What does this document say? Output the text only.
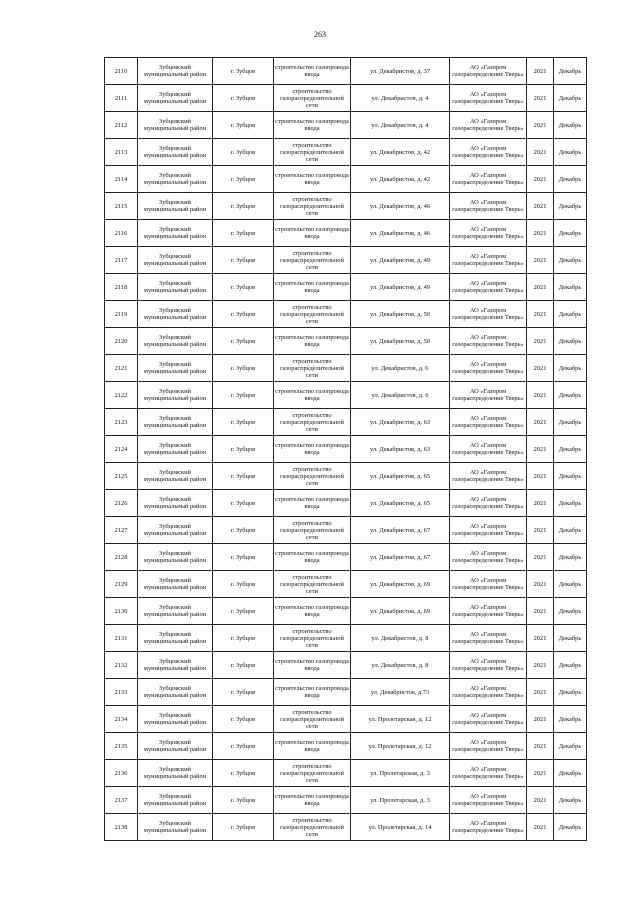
263
2110	Зубцовский муниципальный район	г. Зубцов	строительство газопровода ввода	ул. Декабристов, д. 37	АО «Газпром газораспределение Тверь»	2021	Декабрь
2111	Зубцовский муниципальный район	г. Зубцов	строительство газораспределительной сети	ул. Декабристов, д. 4	АО «Газпром газораспределение Тверь»	2021	Декабрь
2112	Зубцовский муниципальный район	г. Зубцов	строительство газопровода ввода	ул. Декабристов, д. 4	АО «Газпром газораспределение Тверь»	2021	Декабрь
2113	Зубцовский муниципальный район	г. Зубцов	строительство газораспределительной сети	ул. Декабристов, д. 42	АО «Газпром газораспределение Тверь»	2021	Декабрь
2114	Зубцовский муниципальный район	г. Зубцов	строительство газопровода ввода	ул. Декабристов, д. 42	АО «Газпром газораспределение Тверь»	2021	Декабрь
2115	Зубцовский муниципальный район	г. Зубцов	строительство газораспределительной сети	ул. Декабристов, д. 46	АО «Газпром газораспределение Тверь»	2021	Декабрь
2116	Зубцовский муниципальный район	г. Зубцов	строительство газопровода ввода	ул. Декабристов, д. 46	АО «Газпром газораспределение Тверь»	2021	Декабрь
2117	Зубцовский муниципальный район	г. Зубцов	строительство газораспределительной сети	ул. Декабристов, д. 49	АО «Газпром газораспределение Тверь»	2021	Декабрь
2118	Зубцовский муниципальный район	г. Зубцов	строительство газопровода ввода	ул. Декабристов, д. 49	АО «Газпром газораспределение Тверь»	2021	Декабрь
2119	Зубцовский муниципальный район	г. Зубцов	строительство газораспределительной сети	ул. Декабристов, д. 50	АО «Газпром газораспределение Тверь»	2021	Декабрь
2120	Зубцовский муниципальный район	г. Зубцов	строительство газопровода ввода	ул. Декабристов, д. 50	АО «Газпром газораспределение Тверь»	2021	Декабрь
2121	Зубцовский муниципальный район	г. Зубцов	строительство газораспределительной сети	ул. Декабристов, д. 6	АО «Газпром газораспределение Тверь»	2021	Декабрь
2122	Зубцовский муниципальный район	г. Зубцов	строительство газопровода ввода	ул. Декабристов, д. 6	АО «Газпром газораспределение Тверь»	2021	Декабрь
2123	Зубцовский муниципальный район	г. Зубцов	строительство газораспределительной сети	ул. Декабристов, д. 63	АО «Газпром газораспределение Тверь»	2021	Декабрь
2124	Зубцовский муниципальный район	г. Зубцов	строительство газопровода ввода	ул. Декабристов, д. 63	АО «Газпром газораспределение Тверь»	2021	Декабрь
2125	Зубцовский муниципальный район	г. Зубцов	строительство газораспределительной сети	ул. Декабристов, д. 65	АО «Газпром газораспределение Тверь»	2021	Декабрь
2126	Зубцовский муниципальный район	г. Зубцов	строительство газопровода ввода	ул. Декабристов, д. 65	АО «Газпром газораспределение Тверь»	2021	Декабрь
2127	Зубцовский муниципальный район	г. Зубцов	строительство газораспределительной сети	ул. Декабристов, д. 67	АО «Газпром газораспределение Тверь»	2021	Декабрь
2128	Зубцовский муниципальный район	г. Зубцов	строительство газопровода ввода	ул. Декабристов, д. 67	АО «Газпром газораспределение Тверь»	2021	Декабрь
2129	Зубцовский муниципальный район	г. Зубцов	строительство газораспределительной сети	ул. Декабристов, д. 69	АО «Газпром газораспределение Тверь»	2021	Декабрь
2130	Зубцовский муниципальный район	г. Зубцов	строительство газопровода ввода	ул. Декабристов, д. 69	АО «Газпром газораспределение Тверь»	2021	Декабрь
2131	Зубцовский муниципальный район	г. Зубцов	строительство газораспределительной сети	ул. Декабристов, д. 8	АО «Газпром газораспределение Тверь»	2021	Декабрь
2132	Зубцовский муниципальный район	г. Зубцов	строительство газопровода ввода	ул. Декабристов, д. 8	АО «Газпром газораспределение Тверь»	2021	Декабрь
2133	Зубцовский муниципальный район	г. Зубцов	строительство газопровода ввода	ул. Декабристов, д.73	АО «Газпром газораспределение Тверь»	2021	Декабрь
2134	Зубцовский муниципальный район	г. Зубцов	строительство газораспределительной сети	ул. Пролетарская, д. 12	АО «Газпром газораспределение Тверь»	2021	Декабрь
2135	Зубцовский муниципальный район	г. Зубцов	строительство газопровода ввода	ул. Пролетарская, д. 12	АО «Газпром газораспределение Тверь»	2021	Декабрь
2136	Зубцовский муниципальный район	г. Зубцов	строительство газораспределительной сети	ул. Пролетарская, д. 3	АО «Газпром газораспределение Тверь»	2021	Декабрь
2137	Зубцовский муниципальный район	г. Зубцов	строительство газопровода ввода	ул. Пролетарская, д. 3	АО «Газпром газораспределение Тверь»	2021	Декабрь
2138	Зубцовский муниципальный район	г. Зубцов	строительство газораспределительной сети	ул. Пролетарская, д. 14	АО «Газпром газораспределение Тверь»	2021	Декабрь
